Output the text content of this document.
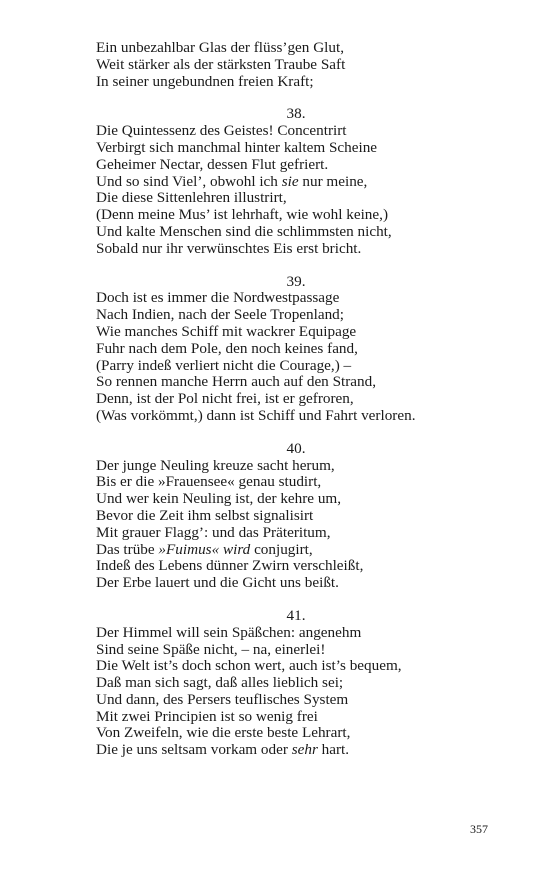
Ein unbezahlbar Glas der flüss’gen Glut,
Weit stärker als der stärksten Traube Saft
In seiner ungebundnen freien Kraft;
38.
Die Quintessenz des Geistes! Concentrirt
Verbirgt sich manchmal hinter kaltem Scheine
Geheimer Nectar, dessen Flut gefriert.
Und so sind Viel’, obwohl ich sie nur meine,
Die diese Sittenlehren illustrirt,
(Denn meine Mus’ ist lehrhaft, wie wohl keine,)
Und kalte Menschen sind die schlimmsten nicht,
Sobald nur ihr verwünschtes Eis erst bricht.
39.
Doch ist es immer die Nordwestpassage
Nach Indien, nach der Seele Tropenland;
Wie manches Schiff mit wackrer Equipage
Fuhr nach dem Pole, den noch keines fand,
(Parry indeß verliert nicht die Courage,) –
So rennen manche Herrn auch auf den Strand,
Denn, ist der Pol nicht frei, ist er gefroren,
(Was vorkömmt,) dann ist Schiff und Fahrt verloren.
40.
Der junge Neuling kreuze sacht herum,
Bis er die »Frauensee« genau studirt,
Und wer kein Neuling ist, der kehre um,
Bevor die Zeit ihm selbst signalisirt
Mit grauer Flagg’: und das Präteritum,
Das trübe »Fuimus« wird conjugirt,
Indeß des Lebens dünner Zwirn verschleißt,
Der Erbe lauert und die Gicht uns beißt.
41.
Der Himmel will sein Späßchen: angenehm
Sind seine Späße nicht, – na, einerlei!
Die Welt ist’s doch schon wert, auch ist’s bequem,
Daß man sich sagt, daß alles lieblich sei;
Und dann, des Persers teuflisches System
Mit zwei Principien ist so wenig frei
Von Zweifeln, wie die erste beste Lehrart,
Die je uns seltsam vorkam oder sehr hart.
357
